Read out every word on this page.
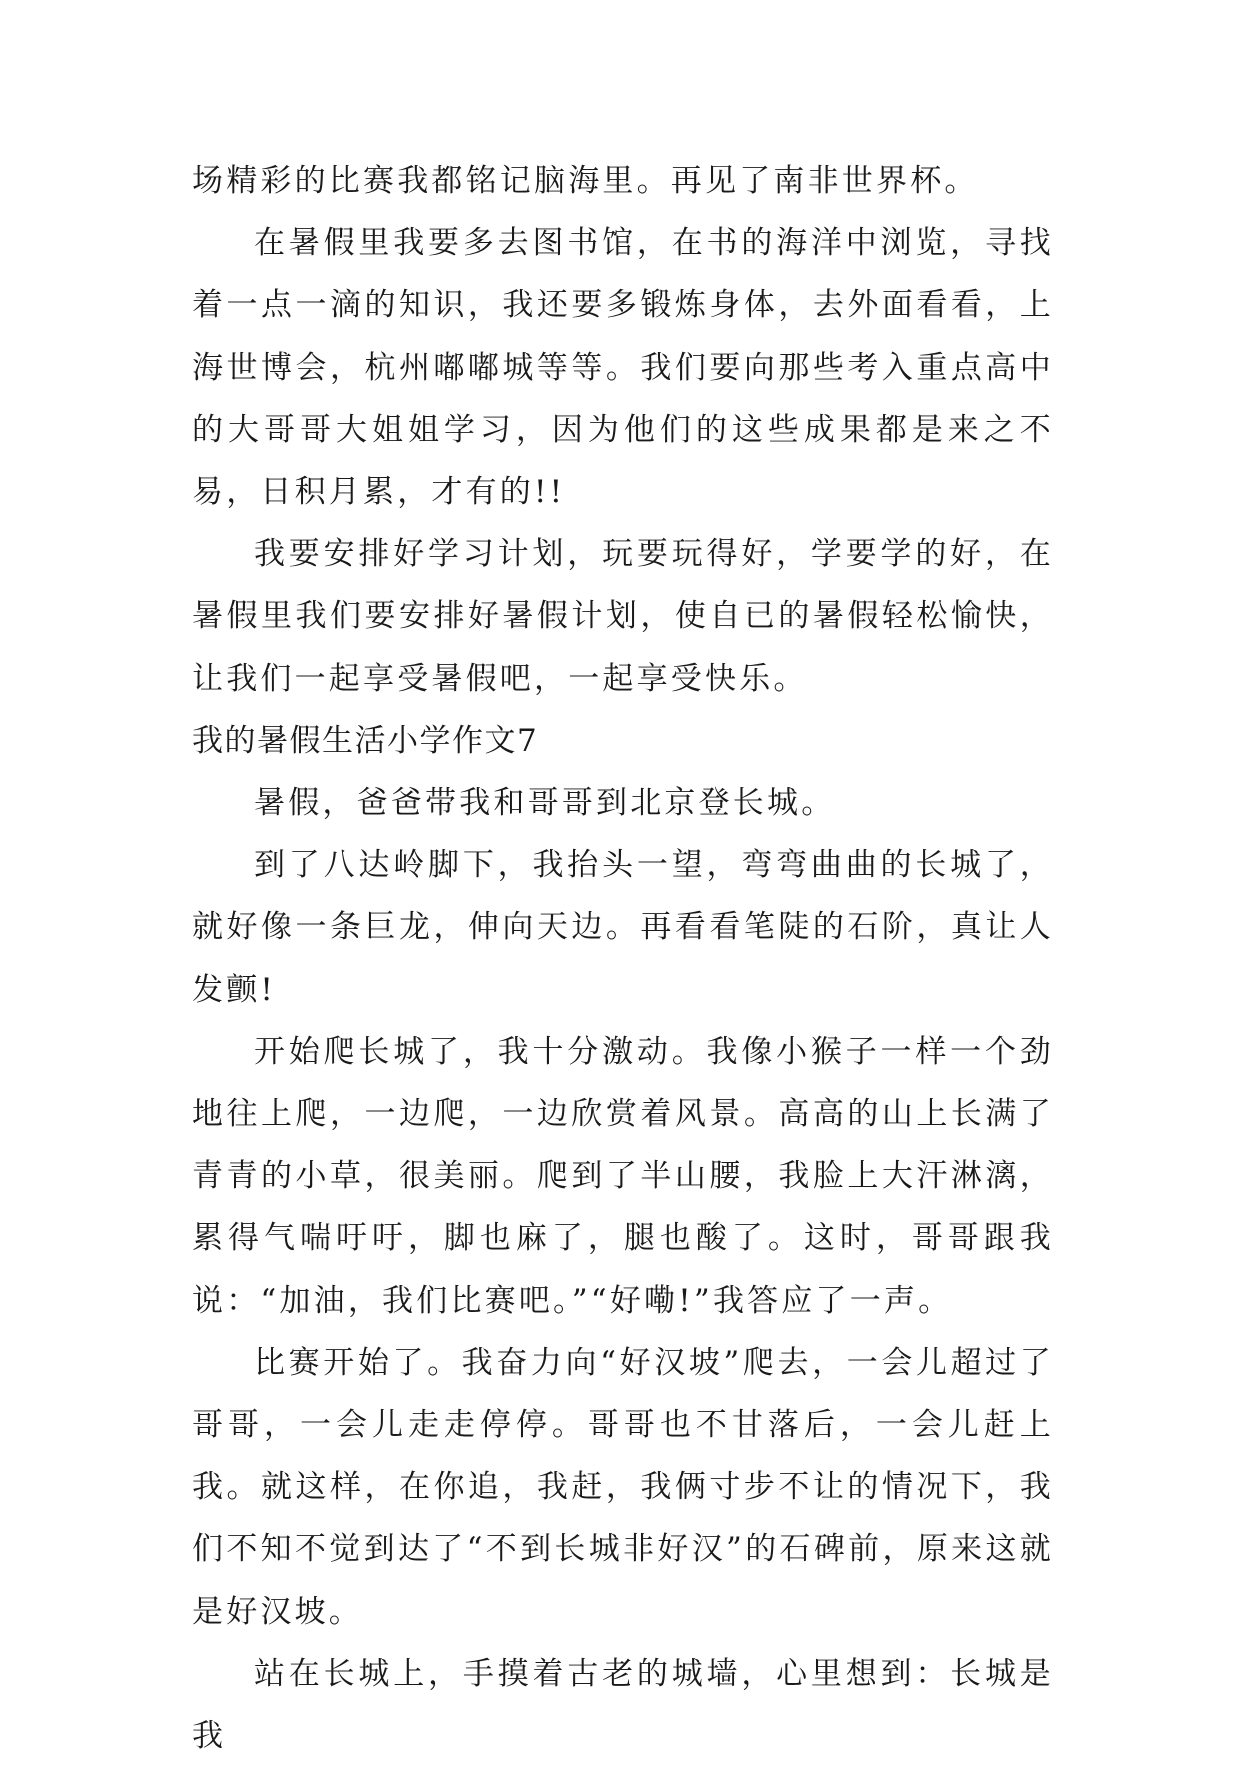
场精彩的比赛我都铭记脑海里。再见了南非世界杯。

在暑假里我要多去图书馆，在书的海洋中浏览，寻找着一点一滴的知识，我还要多锻炼身体，去外面看看，上海世博会，杭州嘟嘟城等等。我们要向那些考入重点高中的大哥哥大姐姐学习，因为他们的这些成果都是来之不易，日积月累，才有的!!

我要安排好学习计划，玩要玩得好，学要学的好，在暑假里我们要安排好暑假计划，使自已的暑假轻松愉快，让我们一起享受暑假吧，一起享受快乐。

我的暑假生活小学作文7

暑假，爸爸带我和哥哥到北京登长城。

到了八达岭脚下，我抬头一望，弯弯曲曲的长城了，就好像一条巨龙，伸向天边。再看看笔陡的石阶，真让人发颤!

开始爬长城了，我十分激动。我像小猴子一样一个劲地往上爬，一边爬，一边欣赏着风景。高高的山上长满了青青的小草，很美丽。爬到了半山腰，我脸上大汗淋漓，累得气喘吁吁，脚也麻了，腿也酸了。这时，哥哥跟我说：“加油，我们比赛吧。”“好嘞!”我答应了一声。

比赛开始了。我奋力向“好汉坡”爬去，一会儿超过了哥哥，一会儿走走停停。哥哥也不甘落后，一会儿赶上我。就这样，在你追，我赶，我俩寸步不让的情况下，我们不知不觉到达了“不到长城非好汉”的石碑前，原来这就是好汉坡。

站在长城上，手摸着古老的城墙，心里想到：长城是我
